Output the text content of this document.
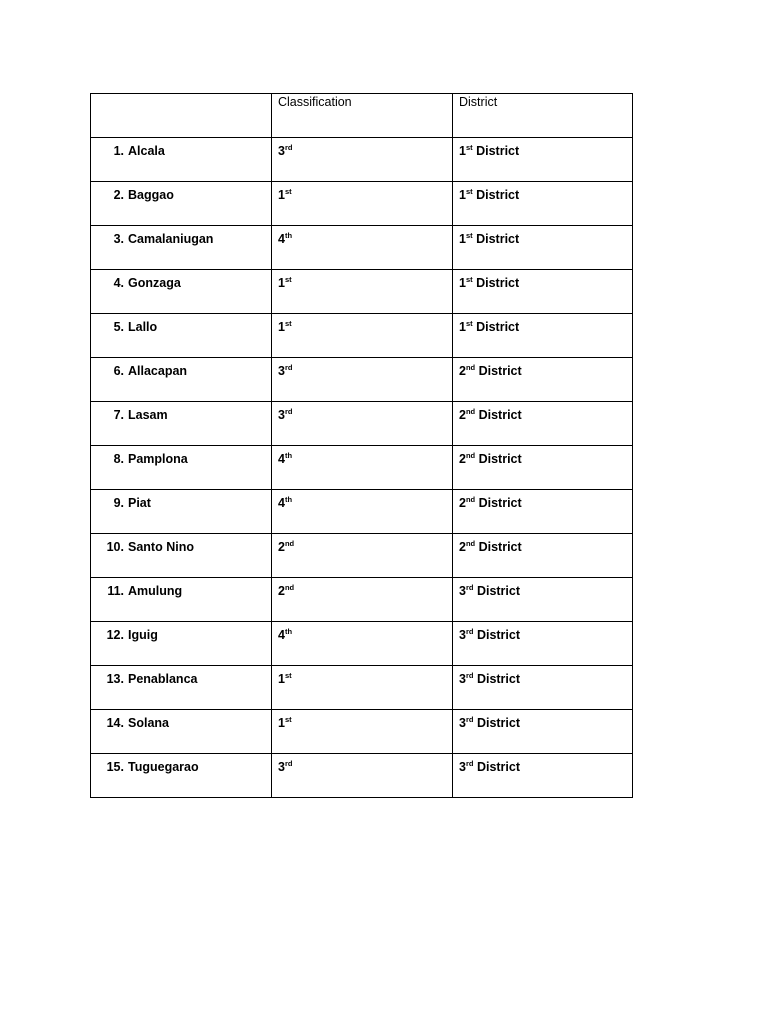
	Classification	District
1. Alcala	3rd	1st District
2. Baggao	1st	1st District
3. Camalaniugan	4th	1st District
4. Gonzaga	1st	1st District
5. Lallo	1st	1st District
6. Allacapan	3rd	2nd District
7. Lasam	3rd	2nd District
8. Pamplona	4th	2nd District
9. Piat	4th	2nd District
10. Santo Nino	2nd	2nd District
11. Amulung	2nd	3rd District
12. Iguig	4th	3rd District
13. Penablanca	1st	3rd District
14. Solana	1st	3rd District
15. Tuguegarao	3rd	3rd District
